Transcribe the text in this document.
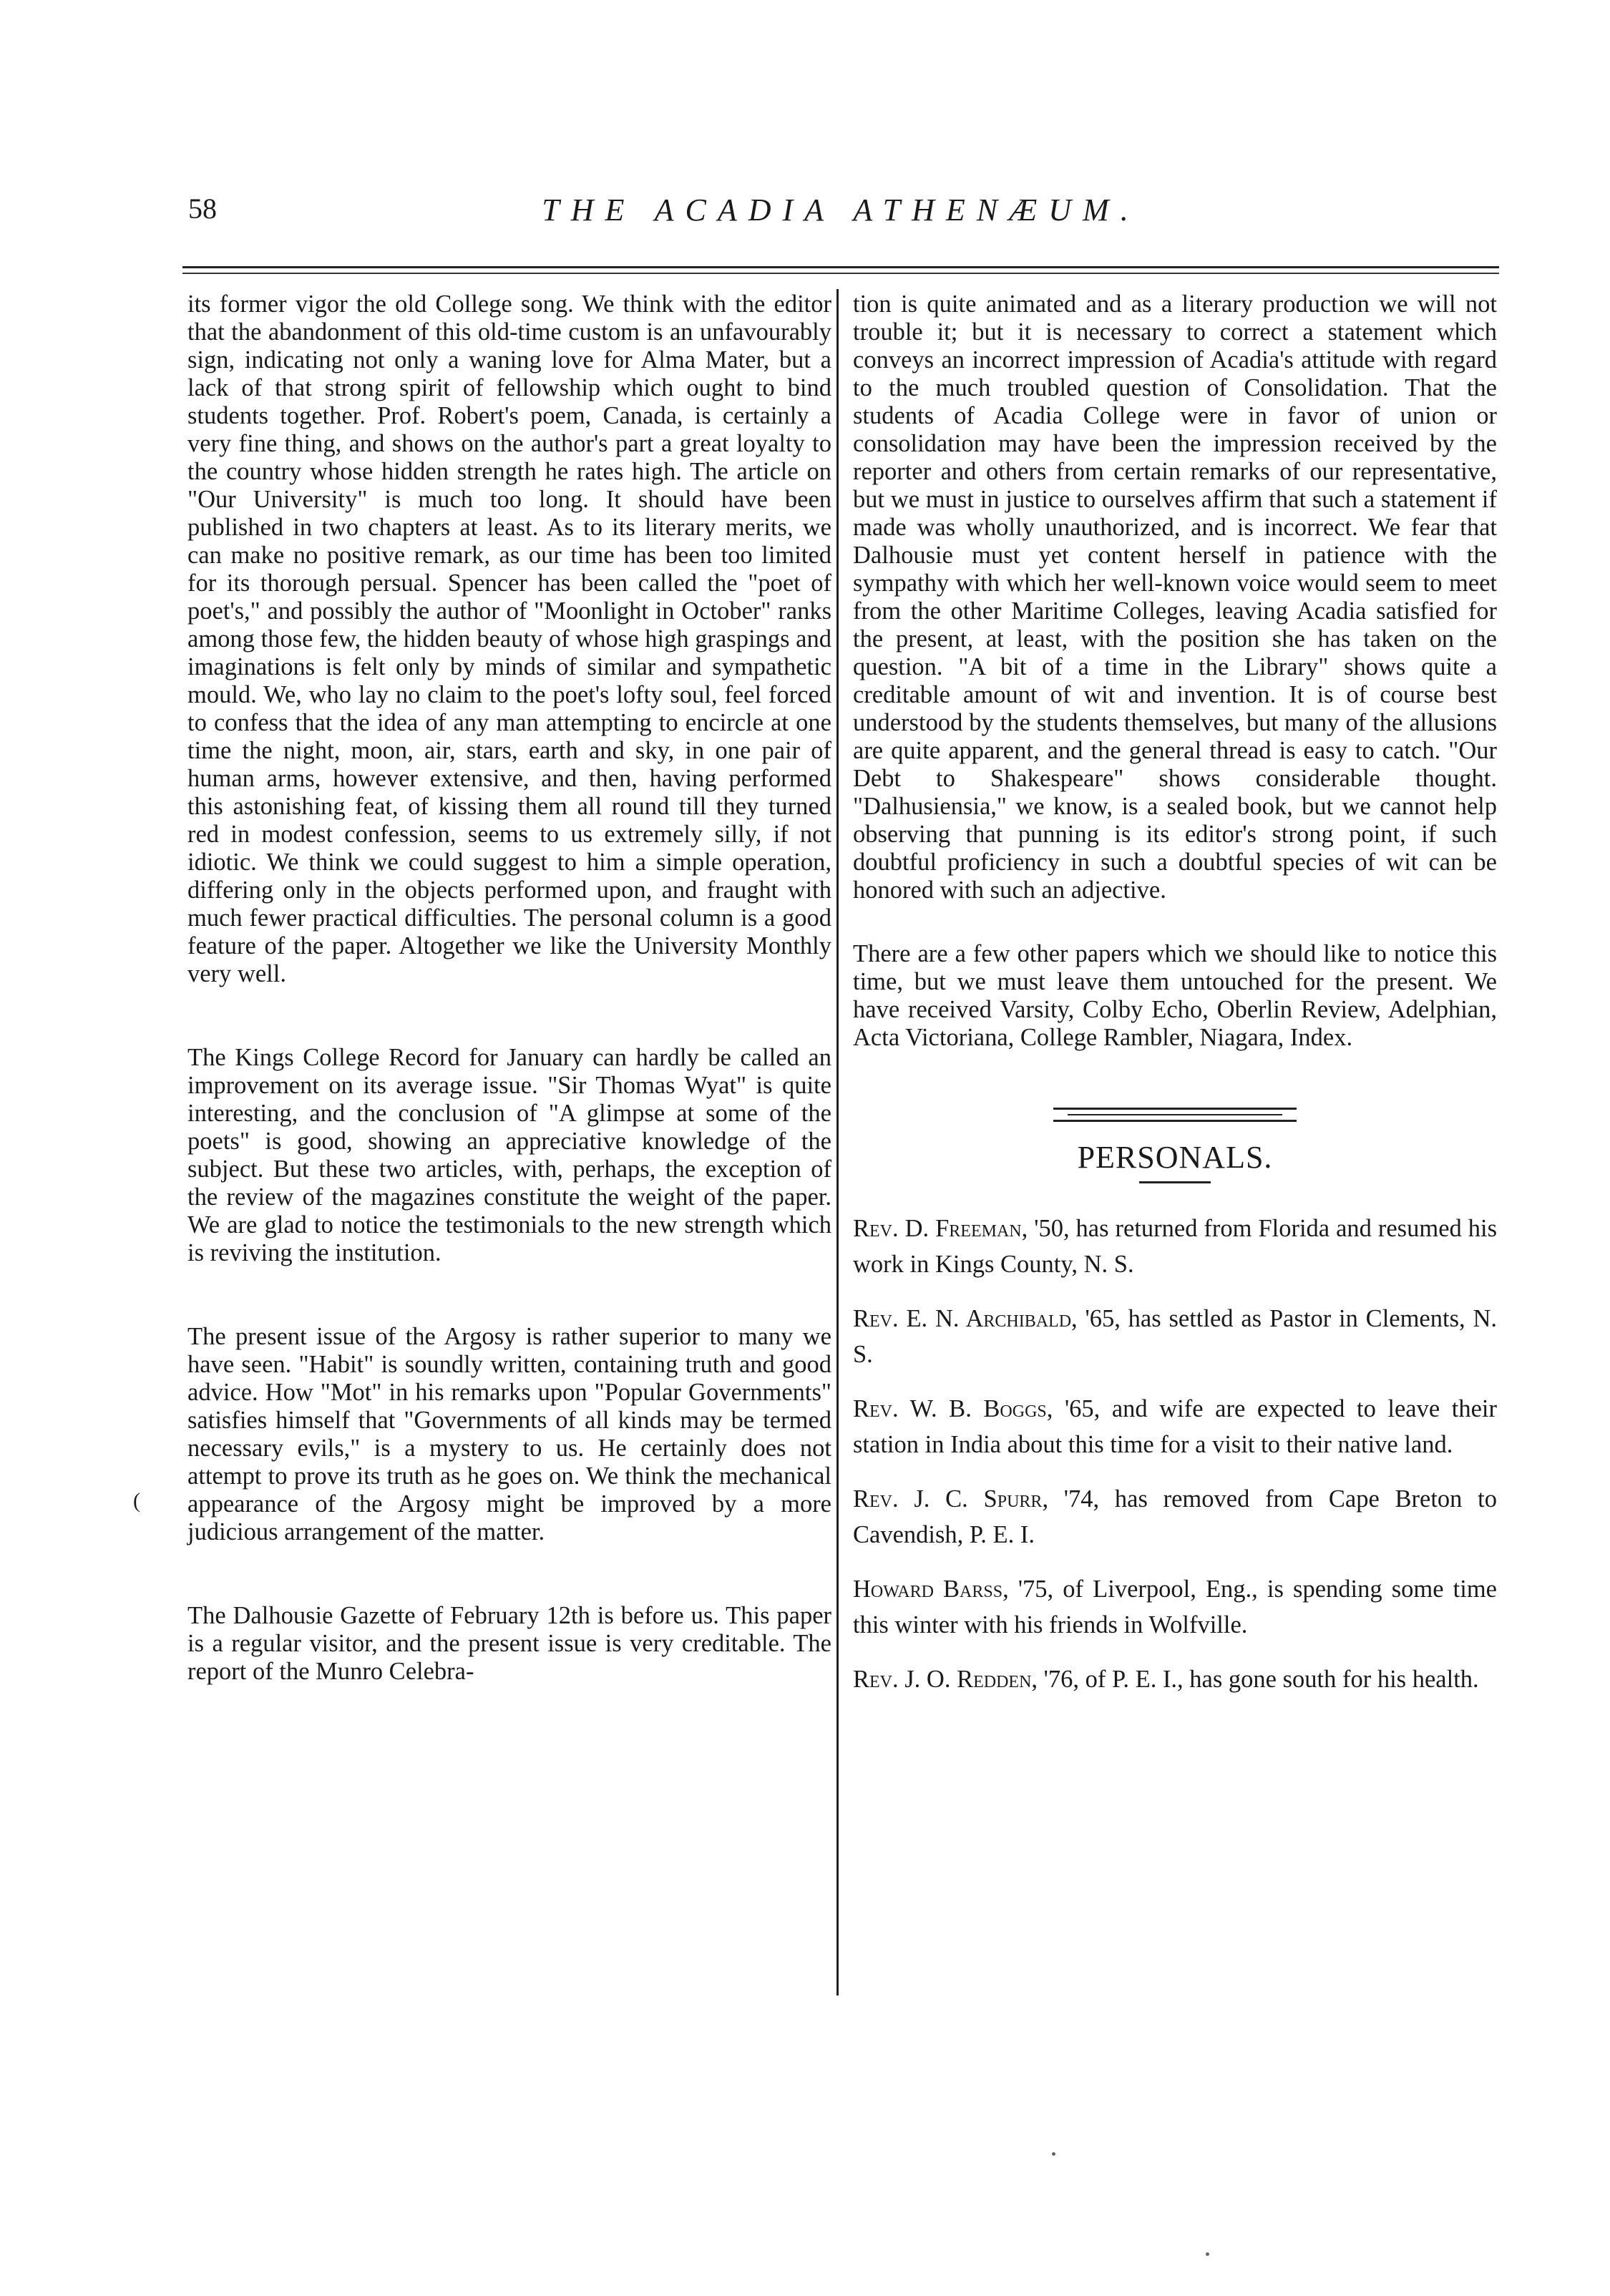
58	THE ACADIA ATHENÆUM.

its former vigor the old College song. We think with the editor that the abandonment of this old-time custom is an unfavourably sign, indicating not only a waning love for Alma Mater, but a lack of that strong spirit of fellowship which ought to bind students together. Prof. Robert's poem, Canada, is certainly a very fine thing, and shows on the author's part a great loyalty to the country whose hidden strength he rates high. The article on "Our University" is much too long. It should have been published in two chapters at least. As to its literary merits, we can make no positive remark, as our time has been too limited for its thorough persual. Spencer has been called the "poet of poet's," and possibly the author of "Moonlight in October" ranks among those few, the hidden beauty of whose high graspings and imaginations is felt only by minds of similar and sympathetic mould. We, who lay no claim to the poet's lofty soul, feel forced to confess that the idea of any man attempting to encircle at one time the night, moon, air, stars, earth and sky, in one pair of human arms, however extensive, and then, having performed this astonishing feat, of kissing them all round till they turned red in modest confession, seems to us extremely silly, if not idiotic. We think we could suggest to him a simple operation, differing only in the objects performed upon, and fraught with much fewer practical difficulties. The personal column is a good feature of the paper. Altogether we like the University Monthly very well.

The Kings College Record for January can hardly be called an improvement on its average issue. "Sir Thomas Wyat" is quite interesting, and the conclusion of "A glimpse at some of the poets" is good, showing an appreciative knowledge of the subject. But these two articles, with, perhaps, the exception of the review of the magazines constitute the weight of the paper. We are glad to notice the testimonials to the new strength which is reviving the institution.

The present issue of the Argosy is rather superior to many we have seen. "Habit" is soundly written, containing truth and good advice. How "Mot" in his remarks upon "Popular Governments" satisfies himself that "Governments of all kinds may be termed necessary evils," is a mystery to us. He certainly does not attempt to prove its truth as he goes on. We think the mechanical appearance of the Argosy might be improved by a more judicious arrangement of the matter.

The Dalhousie Gazette of February 12th is before us. This paper is a regular visitor, and the present issue is very creditable. The report of the Munro Celebra-

tion is quite animated and as a literary production we will not trouble it; but it is necessary to correct a statement which conveys an incorrect impression of Acadia's attitude with regard to the much troubled question of Consolidation. That the students of Acadia College were in favor of union or consolidation may have been the impression received by the reporter and others from certain remarks of our representative, but we must in justice to ourselves affirm that such a statement if made was wholly unauthorized, and is incorrect. We fear that Dalhousie must yet content herself in patience with the sympathy with which her well-known voice would seem to meet from the other Maritime Colleges, leaving Acadia satisfied for the present, at least, with the position she has taken on the question. "A bit of a time in the Library" shows quite a creditable amount of wit and invention. It is of course best understood by the students themselves, but many of the allusions are quite apparent, and the general thread is easy to catch. "Our Debt to Shakespeare" shows considerable thought. "Dalhusiensia," we know, is a sealed book, but we cannot help observing that punning is its editor's strong point, if such doubtful proficiency in such a doubtful species of wit can be honored with such an adjective.

There are a few other papers which we should like to notice this time, but we must leave them untouched for the present. We have received Varsity, Colby Echo, Oberlin Review, Adelphian, Acta Victoriana, College Rambler, Niagara, Index.

PERSONALS.

Rev. D. Freeman, '50, has returned from Florida and resumed his work in Kings County, N. S.

Rev. E. N. Archibald, '65, has settled as Pastor in Clements, N. S.

Rev. W. B. Boggs, '65, and wife are expected to leave their station in India about this time for a visit to their native land.

Rev. J. C. Spurr, '74, has removed from Cape Breton to Cavendish, P. E. I.

Howard Barss, '75, of Liverpool, Eng., is spending some time this winter with his friends in Wolfville.

Rev. J. O. Redden, '76, of P. E. I., has gone south for his health.

(
